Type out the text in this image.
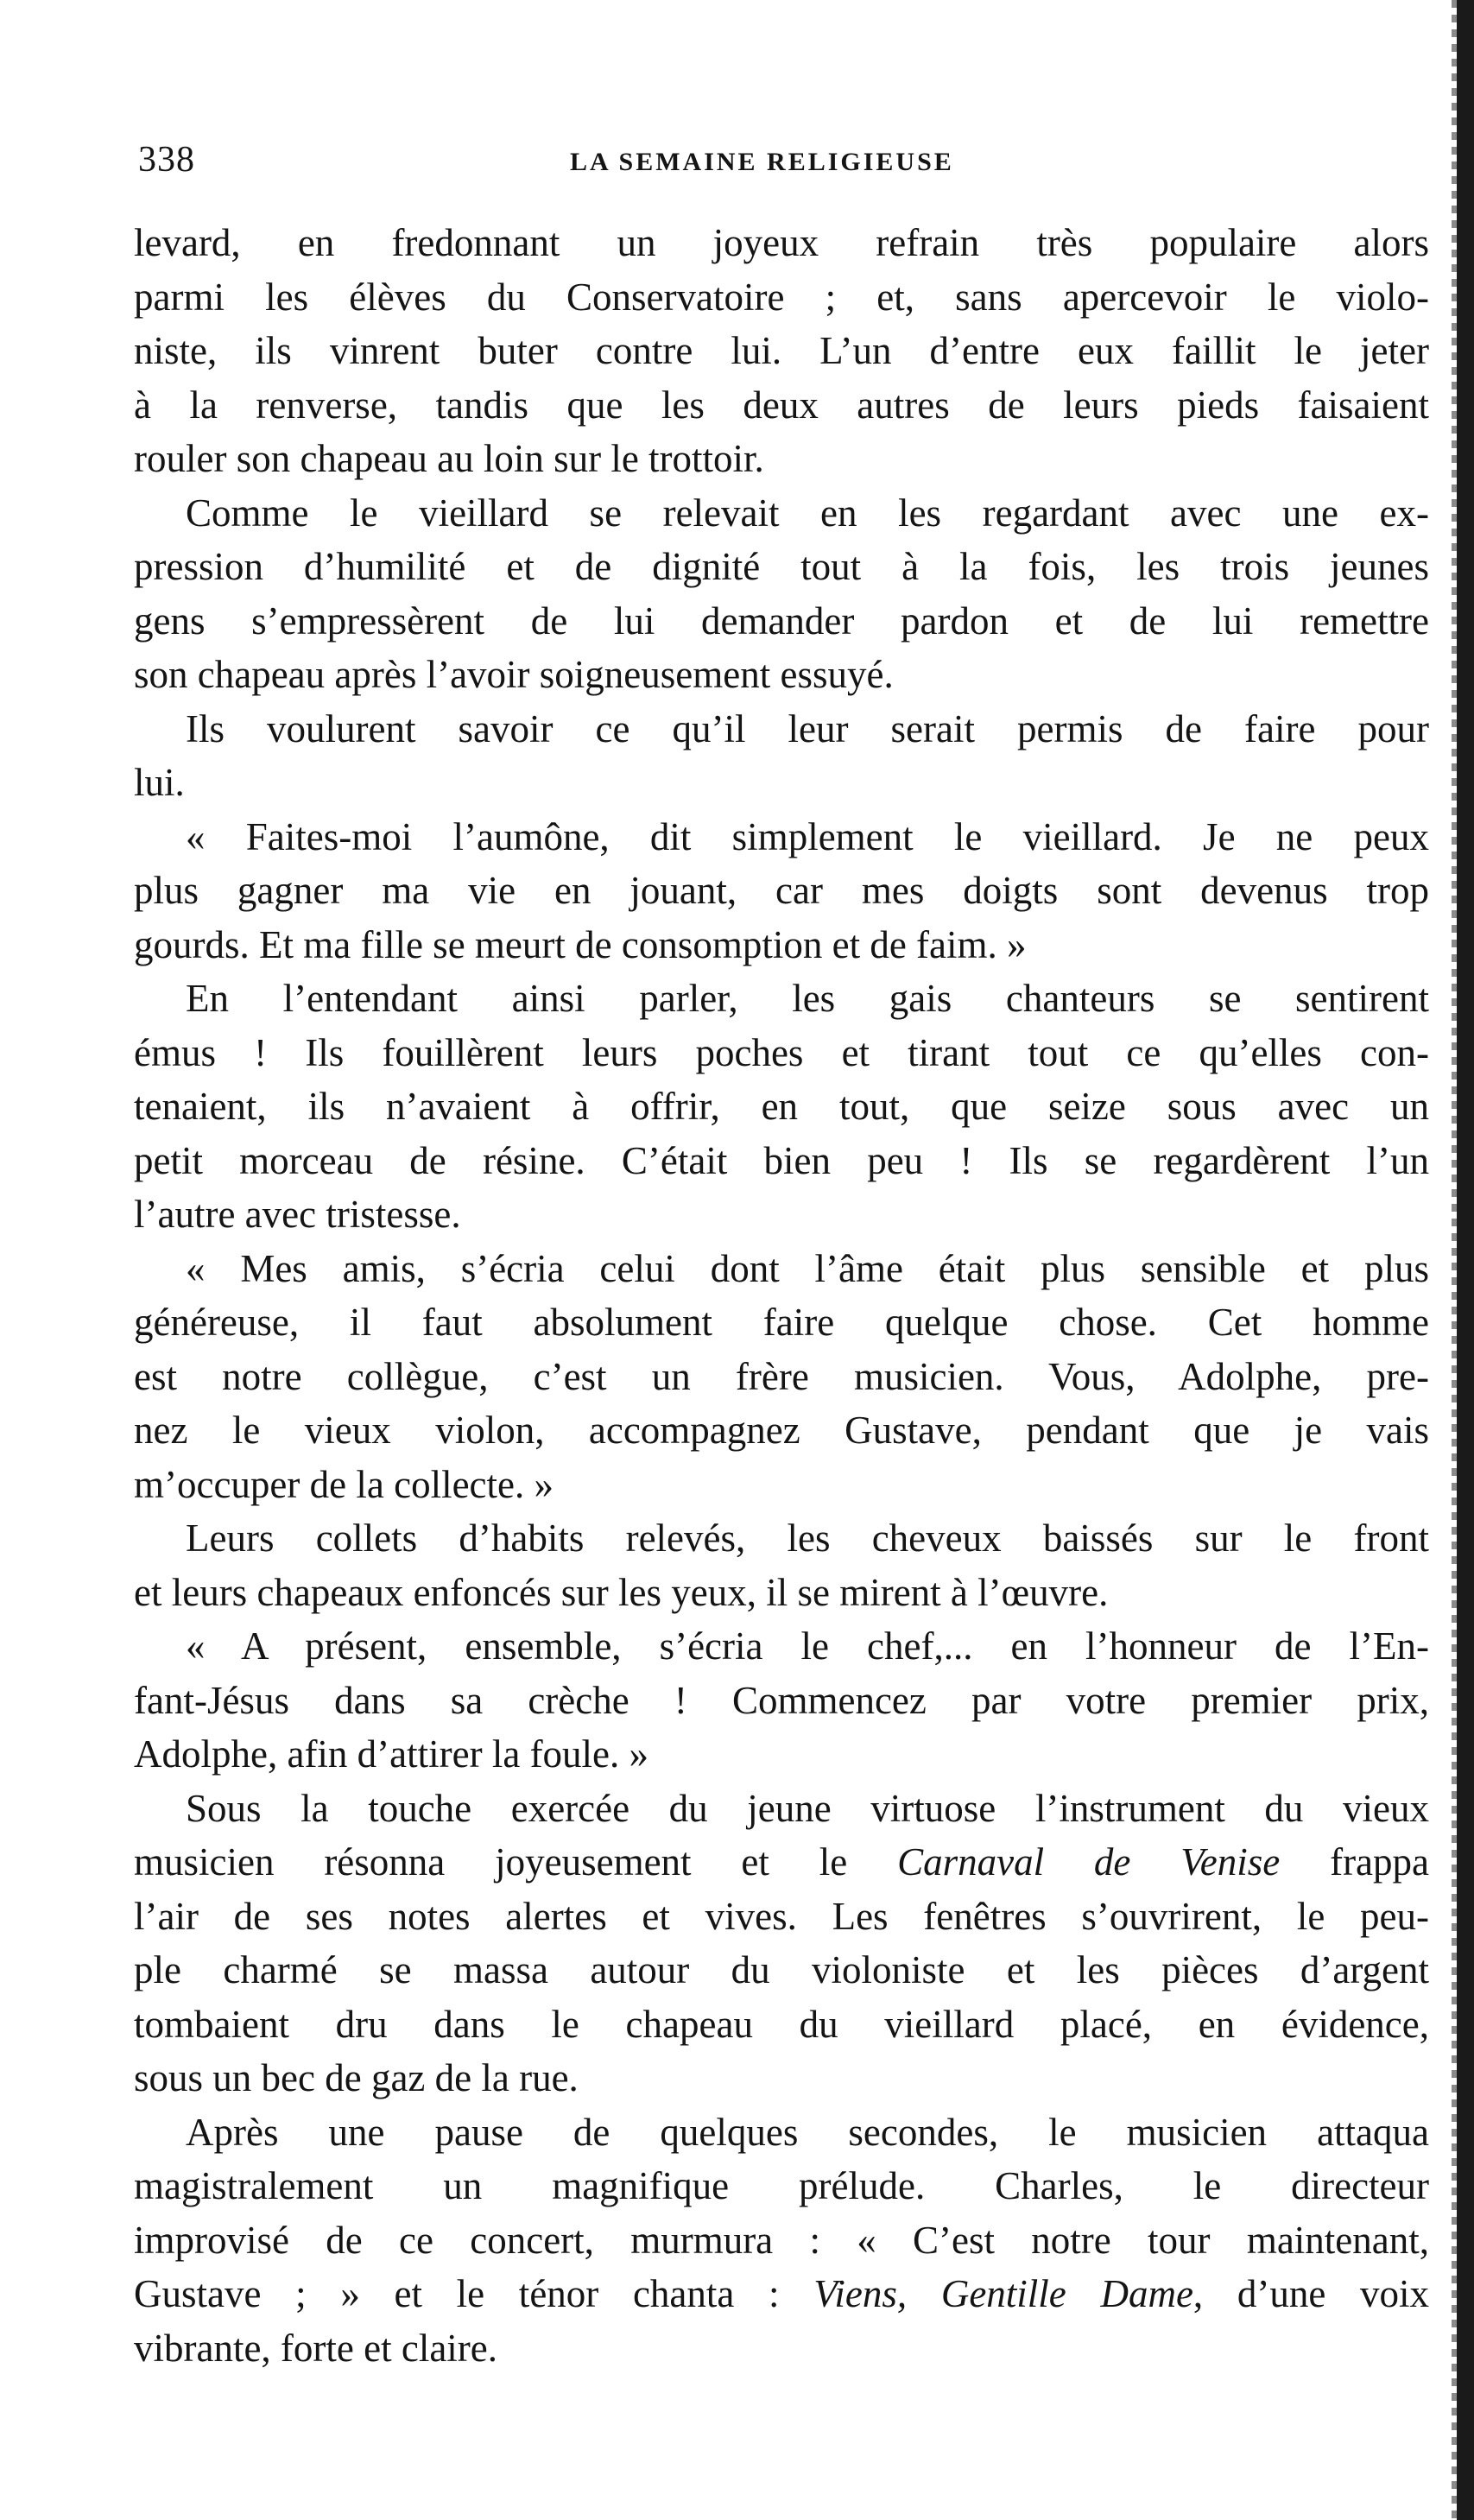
338	LA SEMAINE RELIGIEUSE
levard, en fredonnant un joyeux refrain très populaire alors
parmi les élèves du Conservatoire ; et, sans apercevoir le violo-
niste, ils vinrent buter contre lui. L’un d’entre eux faillit le jeter
à la renverse, tandis que les deux autres de leurs pieds faisaient
rouler son chapeau au loin sur le trottoir.
Comme le vieillard se relevait en les regardant avec une ex-
pression d’humilité et de dignité tout à la fois, les trois jeunes
gens s’empressèrent de lui demander pardon et de lui remettre
son chapeau après l’avoir soigneusement essuyé.
Ils voulurent savoir ce qu’il leur serait permis de faire pour
lui.
« Faites-moi l’aumône, dit simplement le vieillard. Je ne peux
plus gagner ma vie en jouant, car mes doigts sont devenus trop
gourds. Et ma fille se meurt de consomption et de faim. »
En l’entendant ainsi parler, les gais chanteurs se sentirent
émus ! Ils fouillèrent leurs poches et tirant tout ce qu’elles con-
tenaient, ils n’avaient à offrir, en tout, que seize sous avec un
petit morceau de résine. C’était bien peu ! Ils se regardèrent l’un
l’autre avec tristesse.
« Mes amis, s’écria celui dont l’âme était plus sensible et plus
généreuse, il faut absolument faire quelque chose. Cet homme
est notre collègue, c’est un frère musicien. Vous, Adolphe, pre-
nez le vieux violon, accompagnez Gustave, pendant que je vais
m’occuper de la collecte. »
Leurs collets d’habits relevés, les cheveux baissés sur le front
et leurs chapeaux enfoncés sur les yeux, il se mirent à l’œuvre.
« A présent, ensemble, s’écria le chef,... en l’honneur de l’En-
fant-Jésus dans sa crèche ! Commencez par votre premier prix,
Adolphe, afin d’attirer la foule. »
Sous la touche exercée du jeune virtuose l’instrument du vieux
musicien résonna joyeusement et le Carnaval de Venise frappa
l’air de ses notes alertes et vives. Les fenêtres s’ouvrirent, le peu-
ple charmé se massa autour du violoniste et les pièces d’argent
tombaient dru dans le chapeau du vieillard placé, en évidence,
sous un bec de gaz de la rue.
Après une pause de quelques secondes, le musicien attaqua
magistralement un magnifique prélude. Charles, le directeur
improvisé de ce concert, murmura : « C’est notre tour maintenant,
Gustave ; » et le ténor chanta : Viens, Gentille Dame, d’une voix
vibrante, forte et claire.
